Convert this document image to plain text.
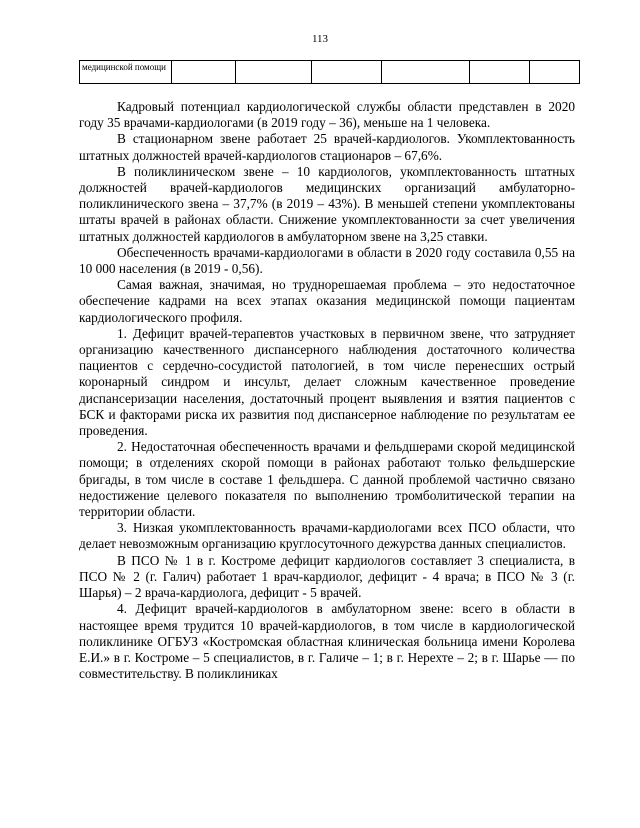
113
медицинской помощи						

Кадровый потенциал кардиологической службы области представлен в 2020 году 35 врачами-кардиологами (в 2019 году – 36), меньше на 1 человека.

В стационарном звене работает 25 врачей-кардиологов. Укомплектованность штатных должностей врачей-кардиологов стационаров – 67,6%.

В поликлиническом звене – 10 кардиологов, укомплектованность штатных должностей врачей-кардиологов медицинских организаций амбулаторно-поликлинического звена – 37,7% (в 2019 – 43%). В меньшей степени укомплектованы штаты врачей в районах области. Снижение укомплектованности за счет увеличения штатных должностей кардиологов в амбулаторном звене на 3,25 ставки.

Обеспеченность врачами-кардиологами в области в 2020 году составила 0,55 на 10 000 населения (в 2019 - 0,56).

Самая важная, значимая, но труднорешаемая проблема – это недостаточное обеспечение кадрами на всех этапах оказания медицинской помощи пациентам кардиологического профиля.

1. Дефицит врачей-терапевтов участковых в первичном звене, что затрудняет организацию качественного диспансерного наблюдения достаточного количества пациентов с сердечно-сосудистой патологией, в том числе перенесших острый коронарный синдром и инсульт, делает сложным качественное проведение диспансеризации населения, достаточный процент выявления и взятия пациентов с БСК и факторами риска их развития под диспансерное наблюдение по результатам ее проведения.

2. Недостаточная обеспеченность врачами и фельдшерами скорой медицинской помощи; в отделениях скорой помощи в районах работают только фельдшерские бригады, в том числе в составе 1 фельдшера. С данной проблемой частично связано недостижение целевого показателя по выполнению тромболитической терапии на территории области.

3. Низкая укомплектованность врачами-кардиологами всех ПСО области, что делает невозможным организацию круглосуточного дежурства данных специалистов.

В ПСО № 1 в г. Костроме дефицит кардиологов составляет 3 специалиста, в ПСО № 2 (г. Галич) работает 1 врач-кардиолог, дефицит - 4 врача; в ПСО № 3 (г. Шарья) – 2 врача-кардиолога, дефицит - 5 врачей.

4. Дефицит врачей-кардиологов в амбулаторном звене: всего в области в настоящее время трудится 10 врачей-кардиологов, в том числе в кардиологической поликлинике ОГБУЗ «Костромская областная клиническая больница имени Королева Е.И.» в г. Костроме – 5 специалистов, в г. Галиче – 1; в г. Нерехте – 2; в г. Шарье — по совместительству. В поликлиниках
